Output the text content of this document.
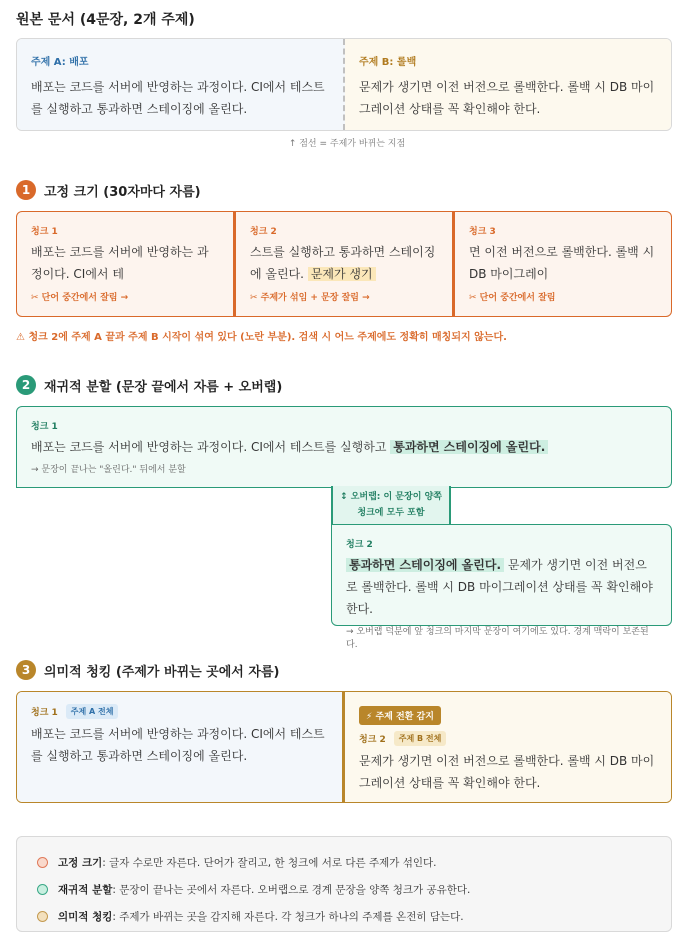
원본 문서 (4문장, 2개 주제)
주제 A: 배포
배포는 코드를 서버에 반영하는 과정이다. CI에서 테스트를 실행하고 통과하면 스테이징에 올린다.
주제 B: 롤백
문제가 생기면 이전 버전으로 롤백한다. 롤백 시 DB 마이그레이션 상태를 꼭 확인해야 한다.
↑ 점선 = 주제가 바뀌는 지점
1	고정 크기 (30자마다 자름)
청크 1
배포는 코드를 서버에 반영하는 과정이다. CI에서 테
✂ 단어 중간에서 잘림 →
청크 2
스트를 실행하고 통과하면 스테이징에 올린다. 문제가 생기
✂ 주제가 섞임 + 문장 잘림 →
청크 3
면 이전 버전으로 롤백한다. 롤백 시 DB 마이그레이
✂ 단어 중간에서 잘림
⚠ 청크 2에 주제 A 끝과 주제 B 시작이 섞여 있다 (노란 부분). 검색 시 어느 주제에도 정확히 매칭되지 않는다.
2	재귀적 분할 (문장 끝에서 자름 + 오버랩)
청크 1
배포는 코드를 서버에 반영하는 과정이다. CI에서 테스트를 실행하고 통과하면 스테이징에 올린다.
→ 문장이 끝나는 "올린다." 뒤에서 분할
↕ 오버랩: 이 문장이 양쪽 청크에 모두 포함
청크 2
통과하면 스테이징에 올린다. 문제가 생기면 이전 버전으로 롤백한다. 롤백 시 DB 마이그레이션 상태를 꼭 확인해야 한다.
→ 오버랩 덕분에 앞 청크의 마지막 문장이 여기에도 있다. 경계 맥락이 보존된다.
3	의미적 청킹 (주제가 바뀌는 곳에서 자름)
청크 1	주제 A 전체
배포는 코드를 서버에 반영하는 과정이다. CI에서 테스트를 실행하고 통과하면 스테이징에 올린다.
⚡ 주제 전환 감지
청크 2	주제 B 전체
문제가 생기면 이전 버전으로 롤백한다. 롤백 시 DB 마이그레이션 상태를 꼭 확인해야 한다.
고정 크기: 글자 수로만 자른다. 단어가 잘리고, 한 청크에 서로 다른 주제가 섞인다.
재귀적 분할: 문장이 끝나는 곳에서 자른다. 오버랩으로 경계 문장을 양쪽 청크가 공유한다.
의미적 청킹: 주제가 바뀌는 곳을 감지해 자른다. 각 청크가 하나의 주제를 온전히 담는다.
